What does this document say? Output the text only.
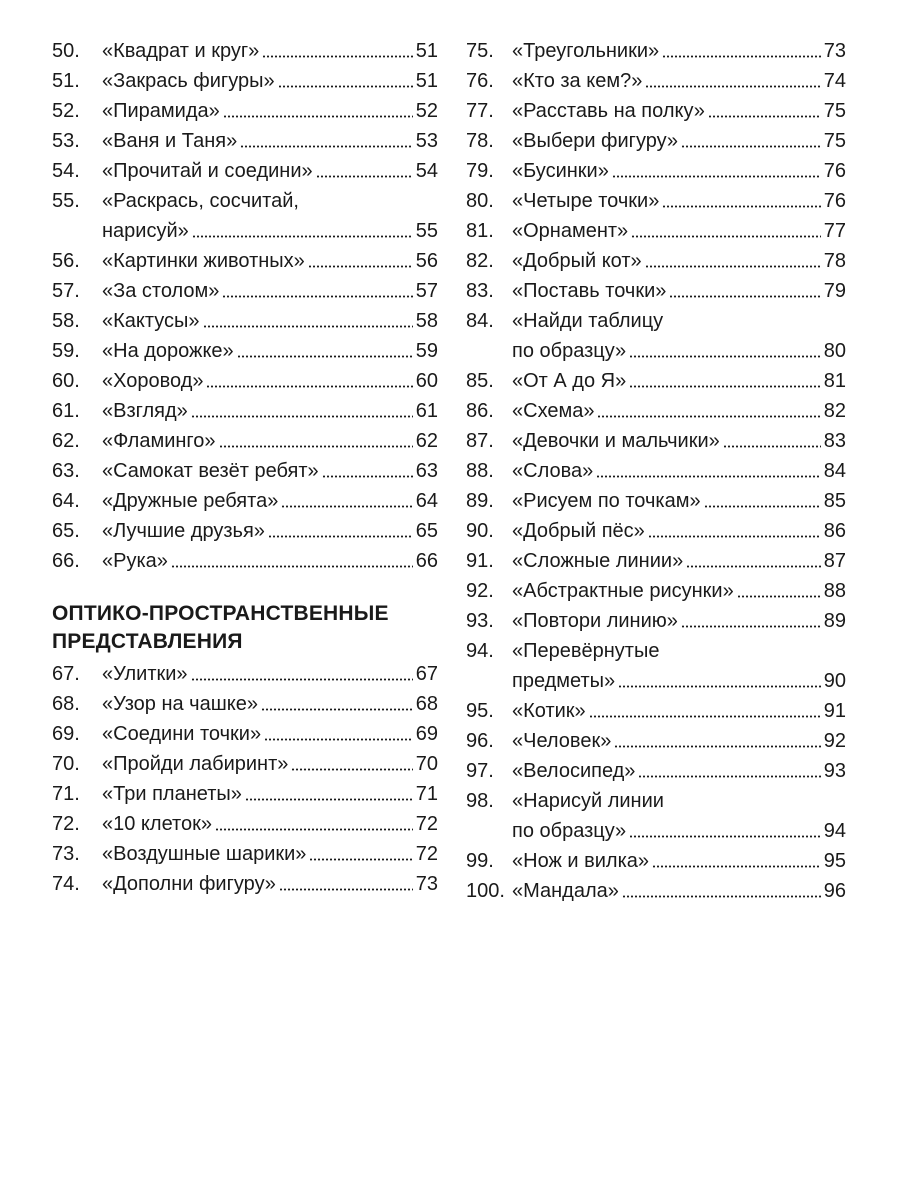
50.	«Квадрат и круг»	51
51.	«Закрась фигуры»	51
52.	«Пирамида»	52
53.	«Ваня и Таня»	53
54.	«Прочитай и соедини»	54
55.	«Раскрась, сосчитай,
нарисуй»	55
56.	«Картинки животных»	56
57.	«За столом»	57
58.	«Кактусы»	58
59.	«На дорожке»	59
60.	«Хоровод»	60
61.	«Взгляд»	61
62.	«Фламинго»	62
63.	«Самокат везёт ребят»	63
64.	«Дружные ребята»	64
65.	«Лучшие друзья»	65
66.	«Рука»	66
ОПТИКО-ПРОСТРАНСТВЕННЫЕ
ПРЕДСТАВЛЕНИЯ
67.	«Улитки»	67
68.	«Узор на чашке»	68
69.	«Соедини точки»	69
70.	«Пройди лабиринт»	70
71.	«Три планеты»	71
72.	«10 клеток»	72
73.	«Воздушные шарики»	72
74.	«Дополни фигуру»	73
75. «Треугольники»	73
76. «Кто за кем?»	74
77. «Расставь на полку»	75
78. «Выбери фигуру»	75
79. «Бусинки»	76
80. «Четыре точки»	76
81. «Орнамент»	77
82. «Добрый кот»	78
83. «Поставь точки»	79
84. «Найди таблицу
по образцу»	80
85. «От А до Я»	81
86. «Схема»	82
87. «Девочки и мальчики»	83
88. «Слова»	84
89. «Рисуем по точкам»	85
90. «Добрый пёс»	86
91. «Сложные линии»	87
92. «Абстрактные рисунки»	88
93. «Повтори линию»	89
94. «Перевёрнутые
предметы»	90
95. «Котик»	91
96. «Человек»	92
97. «Велосипед»	93
98. «Нарисуй линии
по образцу»	94
99. «Нож и вилка»	95
100. «Мандала»	96
